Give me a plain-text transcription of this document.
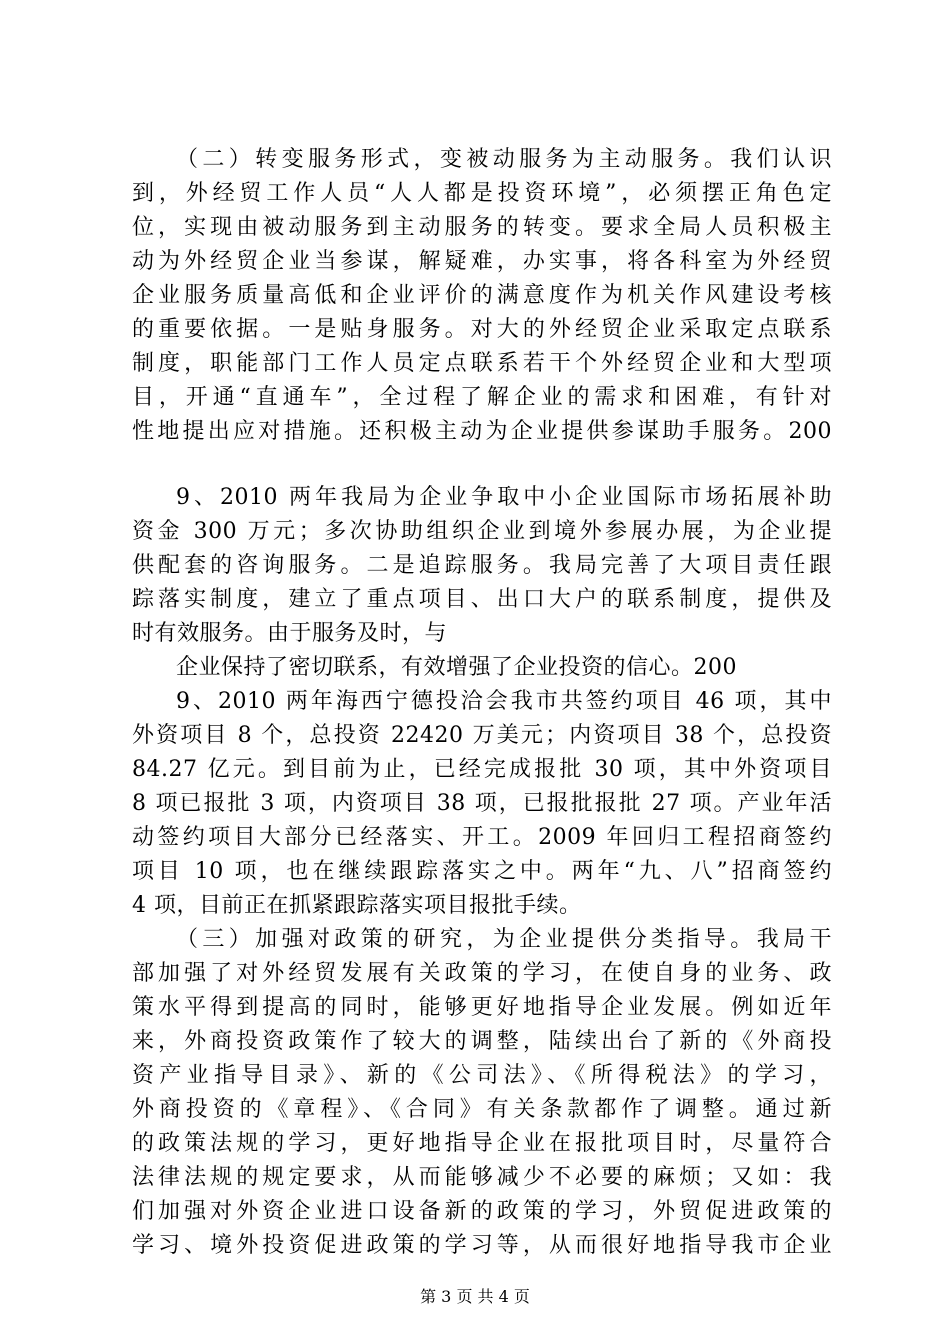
（二）转变服务形式，变被动服务为主动服务。我们认识
到，外经贸工作人员“人人都是投资环境”，必须摆正角色定
位，实现由被动服务到主动服务的转变。要求全局人员积极主
动为外经贸企业当参谋，解疑难，办实事，将各科室为外经贸
企业服务质量高低和企业评价的满意度作为机关作风建设考核
的重要依据。一是贴身服务。对大的外经贸企业采取定点联系
制度，职能部门工作人员定点联系若干个外经贸企业和大型项
目，开通“直通车”，全过程了解企业的需求和困难，有针对
性地提出应对措施。还积极主动为企业提供参谋助手服务。200
9、2010 两年我局为企业争取中小企业国际市场拓展补助
资金 300 万元；多次协助组织企业到境外参展办展，为企业提
供配套的咨询服务。二是追踪服务。我局完善了大项目责任跟
踪落实制度，建立了重点项目、出口大户的联系制度，提供及
时有效服务。由于服务及时，与
企业保持了密切联系，有效增强了企业投资的信心。200
9、2010 两年海西宁德投洽会我市共签约项目 46 项，其中
外资项目 8 个，总投资 22420 万美元；内资项目 38 个，总投资
84.27 亿元。到目前为止，已经完成报批 30 项，其中外资项目
8 项已报批 3 项，内资项目 38 项，已报批报批 27 项。产业年活
动签约项目大部分已经落实、开工。2009 年回归工程招商签约
项目 10 项，也在继续跟踪落实之中。两年“九、八”招商签约
4 项，目前正在抓紧跟踪落实项目报批手续。
（三）加强对政策的研究，为企业提供分类指导。我局干
部加强了对外经贸发展有关政策的学习，在使自身的业务、政
策水平得到提高的同时，能够更好地指导企业发展。例如近年
来，外商投资政策作了较大的调整，陆续出台了新的《外商投
资产业指导目录》、新的《公司法》、《所得税法》的学习，
外商投资的《章程》、《合同》有关条款都作了调整。通过新
的政策法规的学习，更好地指导企业在报批项目时，尽量符合
法律法规的规定要求，从而能够减少不必要的麻烦；又如：我
们加强对外资企业进口设备新的政策的学习，外贸促进政策的
学习、境外投资促进政策的学习等，从而很好地指导我市企业
第 3 页 共 4 页
